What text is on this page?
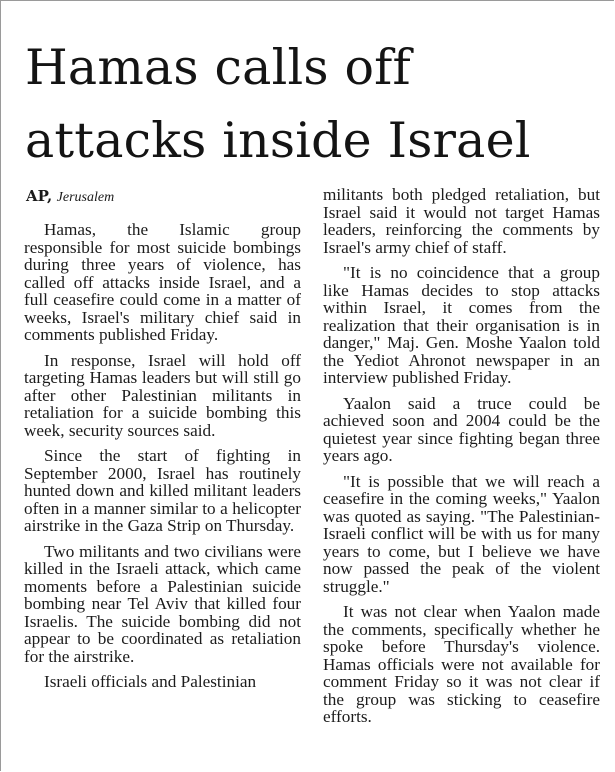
Hamas calls off attacks inside Israel
AP, Jerusalem

Hamas, the Islamic group responsible for most suicide bombings during three years of violence, has called off attacks inside Israel, and a full ceasefire could come in a matter of weeks, Israel's military chief said in comments published Friday.

In response, Israel will hold off targeting Hamas leaders but will still go after other Palestinian militants in retaliation for a suicide bombing this week, security sources said.

Since the start of fighting in September 2000, Israel has routinely hunted down and killed militant leaders often in a manner similar to a helicopter airstrike in the Gaza Strip on Thursday.

Two militants and two civilians were killed in the Israeli attack, which came moments before a Palestinian suicide bombing near Tel Aviv that killed four Israelis. The suicide bombing did not appear to be coordinated as retaliation for the airstrike.

Israeli officials and Palestinian

militants both pledged retaliation, but Israel said it would not target Hamas leaders, reinforcing the comments by Israel's army chief of staff.

"It is no coincidence that a group like Hamas decides to stop attacks within Israel, it comes from the realization that their organisation is in danger," Maj. Gen. Moshe Yaalon told the Yediot Ahronot newspaper in an interview published Friday.

Yaalon said a truce could be achieved soon and 2004 could be the quietest year since fighting began three years ago.

"It is possible that we will reach a ceasefire in the coming weeks," Yaalon was quoted as saying. "The Palestinian-Israeli conflict will be with us for many years to come, but I believe we have now passed the peak of the violent struggle."

It was not clear when Yaalon made the comments, specifically whether he spoke before Thursday's violence. Hamas officials were not available for comment Friday so it was not clear if the group was sticking to ceasefire efforts.
